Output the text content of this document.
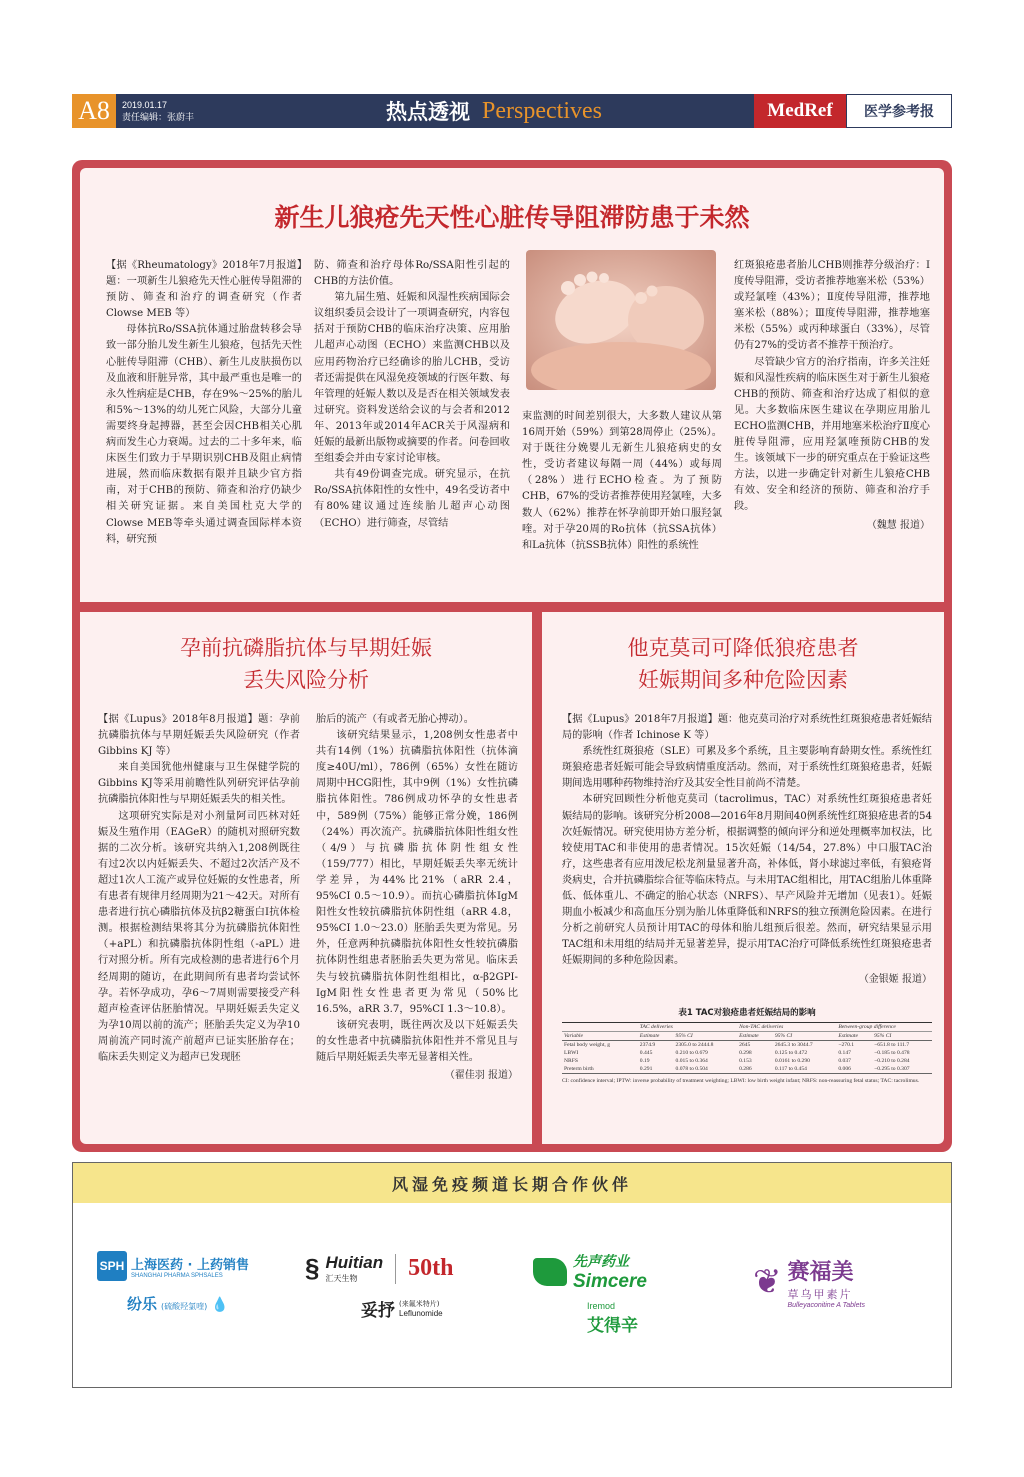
A8	2019.01.17
责任编辑：张蔚丰	热点透视 Perspectives	MedRef	医学参考报
新生儿狼疮先天性心脏传导阻滞防患于未然

【据《Rheumatology》2018年7月报道】题：一项新生儿狼疮先天性心脏传导阻滞的预防、筛查和治疗的调查研究（作者 Clowse MEB 等）

母体抗Ro/SSA抗体通过胎盘转移会导致一部分胎儿发生新生儿狼疮，包括先天性心脏传导阻滞（CHB）、新生儿皮肤损伤以及血液和肝脏异常，其中最严重也是唯一的永久性病症是CHB，存在9%～25%的胎儿和5%～13%的幼儿死亡风险，大部分儿童需要终身起搏器，甚至会因CHB相关心肌病而发生心力衰竭。过去的二十多年来，临床医生们致力于早期识别CHB及阻止病情进展，然而临床数据有限并且缺少官方指南，对于CHB的预防、筛查和治疗仍缺少相关研究证据。来自美国杜克大学的Clowse MEB等牵头通过调查国际样本资料，研究预

防、筛查和治疗母体Ro/SSA阳性引起的CHB的方法价值。

第九届生殖、妊娠和风湿性疾病国际会议组织委员会设计了一项调查研究，内容包括对于预防CHB的临床治疗决策、应用胎儿超声心动图（ECHO）来监测CHB以及应用药物治疗已经确诊的胎儿CHB，受访者还需提供在风湿免疫领域的行医年数、每年管理的妊娠人数以及是否在相关领域发表过研究。资料发送给会议的与会者和2012年、2013年或2014年ACR关于风湿病和妊娠的最新出版物或摘要的作者。问卷回收至组委会并由专家讨论审核。

共有49份调查完成。研究显示，在抗Ro/SSA抗体阳性的女性中，49名受访者中有80%建议通过连续胎儿超声心动图（ECHO）进行筛查，尽管结

束监测的时间差别很大，大多数人建议从第16周开始（59%）到第28周停止（25%）。对于既往分娩婴儿无新生儿狼疮病史的女性，受访者建议每隔一周（44%）或每周（28%）进行ECHO检查。为了预防CHB，67%的受访者推荐使用羟氯喹，大多数人（62%）推荐在怀孕前即开始口服羟氯喹。对于孕20周的Ro抗体（抗SSA抗体）和La抗体（抗SSB抗体）阳性的系统性

红斑狼疮患者胎儿CHB则推荐分级治疗：Ⅰ度传导阻滞，受访者推荐地塞米松（53%）或羟氯喹（43%）；Ⅱ度传导阻滞，推荐地塞米松（88%）；Ⅲ度传导阻滞，推荐地塞米松（55%）或丙种球蛋白（33%），尽管仍有27%的受访者不推荐干预治疗。

尽管缺少官方的治疗指南，许多关注妊娠和风湿性疾病的临床医生对于新生儿狼疮CHB的预防、筛查和治疗达成了相似的意见。大多数临床医生建议在孕期应用胎儿ECHO监测CHB，并用地塞米松治疗Ⅱ度心脏传导阻滞，应用羟氯喹预防CHB的发生。该领域下一步的研究重点在于验证这些方法，以进一步确定针对新生儿狼疮CHB有效、安全和经济的预防、筛查和治疗手段。

（魏慧 报道）
孕前抗磷脂抗体与早期妊娠
丢失风险分析

【据《Lupus》2018年8月报道】题：孕前抗磷脂抗体与早期妊娠丢失风险研究（作者 Gibbins KJ 等）

来自美国犹他州健康与卫生保健学院的Gibbins KJ等采用前瞻性队列研究评估孕前抗磷脂抗体阳性与早期妊娠丢失的相关性。

这项研究实际是对小剂量阿司匹林对妊娠及生殖作用（EAGeR）的随机对照研究数据的二次分析。该研究共纳入1,208例既往有过2次以内妊娠丢失、不超过2次活产及不超过1次人工流产或异位妊娠的女性患者，所有患者有规律月经周期为21～42天。对所有患者进行抗心磷脂抗体及抗β2糖蛋白Ⅰ抗体检测。根据检测结果将其分为抗磷脂抗体阳性（+aPL）和抗磷脂抗体阴性组（-aPL）进行对照分析。所有完成检测的患者进行6个月经周期的随访，在此期间所有患者均尝试怀孕。若怀孕成功，孕6～7周则需要接受产科超声检查评估胚胎情况。早期妊娠丢失定义为孕10周以前的流产；胚胎丢失定义为孕10周前流产同时流产前超声已证实胚胎存在；临床丢失则定义为超声已发现胚

胎后的流产（有或者无胎心搏动）。

该研究结果显示，1,208例女性患者中共有14例（1%）抗磷脂抗体阳性（抗体滴度≥40U/ml），786例（65%）女性在随访周期中HCG阳性，其中9例（1%）女性抗磷脂抗体阳性。786例成功怀孕的女性患者中，589例（75%）能够正常分娩，186例（24%）再次流产。抗磷脂抗体阳性组女性（4/9）与抗磷脂抗体阴性组女性（159/777）相比，早期妊娠丢失率无统计学差异，为44%比21%（aRR 2.4，95%CI 0.5～10.9）。而抗心磷脂抗体IgM阳性女性较抗磷脂抗体阴性组（aRR 4.8，95%CI 1.0～23.0）胚胎丢失更为常见。另外，任意两种抗磷脂抗体阳性女性较抗磷脂抗体阴性组患者胚胎丢失更为常见。临床丢失与较抗磷脂抗体阴性组相比，α-β2GPI-IgM阳性女性患者更为常见（50%比16.5%，aRR 3.7，95%CI 1.3～10.8）。

该研究表明，既往两次及以下妊娠丢失的女性患者中抗磷脂抗体阳性并不常见且与随后早期妊娠丢失率无显著相关性。

（翟佳羽 报道）
他克莫司可降低狼疮患者
妊娠期间多种危险因素

【据《Lupus》2018年7月报道】题：他克莫司治疗对系统性红斑狼疮患者妊娠结局的影响（作者 Ichinose K 等）

系统性红斑狼疮（SLE）可累及多个系统，且主要影响育龄期女性。系统性红斑狼疮患者妊娠可能会导致病情重度活动。然而，对于系统性红斑狼疮患者，妊娠期间选用哪种药物维持治疗及其安全性目前尚不清楚。

本研究回顾性分析他克莫司（tacrolimus，TAC）对系统性红斑狼疮患者妊娠结局的影响。该研究分析2008—2016年8月期间40例系统性红斑狼疮患者的54次妊娠情况。研究使用协方差分析，根据调整的倾向评分和逆处理概率加权法，比较使用TAC和非使用的患者情况。15次妊娠（14/54，27.8%）中口服TAC治疗，这些患者有应用泼尼松龙剂量显著升高，补体低，肾小球滤过率低，有狼疮肾炎病史，合并抗磷脂综合征等临床特点。与未用TAC组相比，用TAC组胎儿体重降低、低体重儿、不确定的胎心状态（NRFS）、早产风险并无增加（见表1）。妊娠期血小板减少和高血压分别为胎儿体重降低和NRFS的独立预测危险因素。在进行分析之前研究人员预计用TAC的母体和胎儿组预后很差。然而，研究结果显示用TAC组和未用组的结局并无显著差异，提示用TAC治疗可降低系统性红斑狼疮患者妊娠期间的多种危险因素。

（金银姬 报道）
表1 TAC对狼疮患者妊娠结局的影响
	TAC deliveries		Non-TAC deliveries		Between-group difference	
Variable	Estimate	95% CI	Estimate	95% CI	Estimate	95% CI
Fetal body weight, g	2374.9	2305.0 to 2444.8	2645	2645.3 to 3044.7	−270.1	−651.8 to 111.7
LBWI	0.445	0.210 to 0.679	0.298	0.125 to 0.472	0.147	−0.185 to 0.478
NRFS	0.19	0.015 to 0.364	0.153	0.0161 to 0.290	0.037	−0.210 to 0.284
Preterm birth	0.291	0.078 to 0.504	0.286	0.117 to 0.454	0.006	−0.295 to 0.307
CI: confidence interval; IPTW: inverse probability of treatment weighting; LBWI: low birth weight infant; NRFS: non-reassuring fetal status; TAC: tacrolimus.
风湿免疫频道长期合作伙伴
SPH 上海医药 · 上药销售
SHANGHAI PHARMA SPHSALES
纷乐 (硫酸羟氯喹) 💧
§ Huitian
汇天生物	50th
妥抒 (来氟米特片)
Leflunomide
先声药业
Simcere
Iremod
艾得辛
❦ 赛福美
草乌甲素片
Bulleyaconitine A Tablets
